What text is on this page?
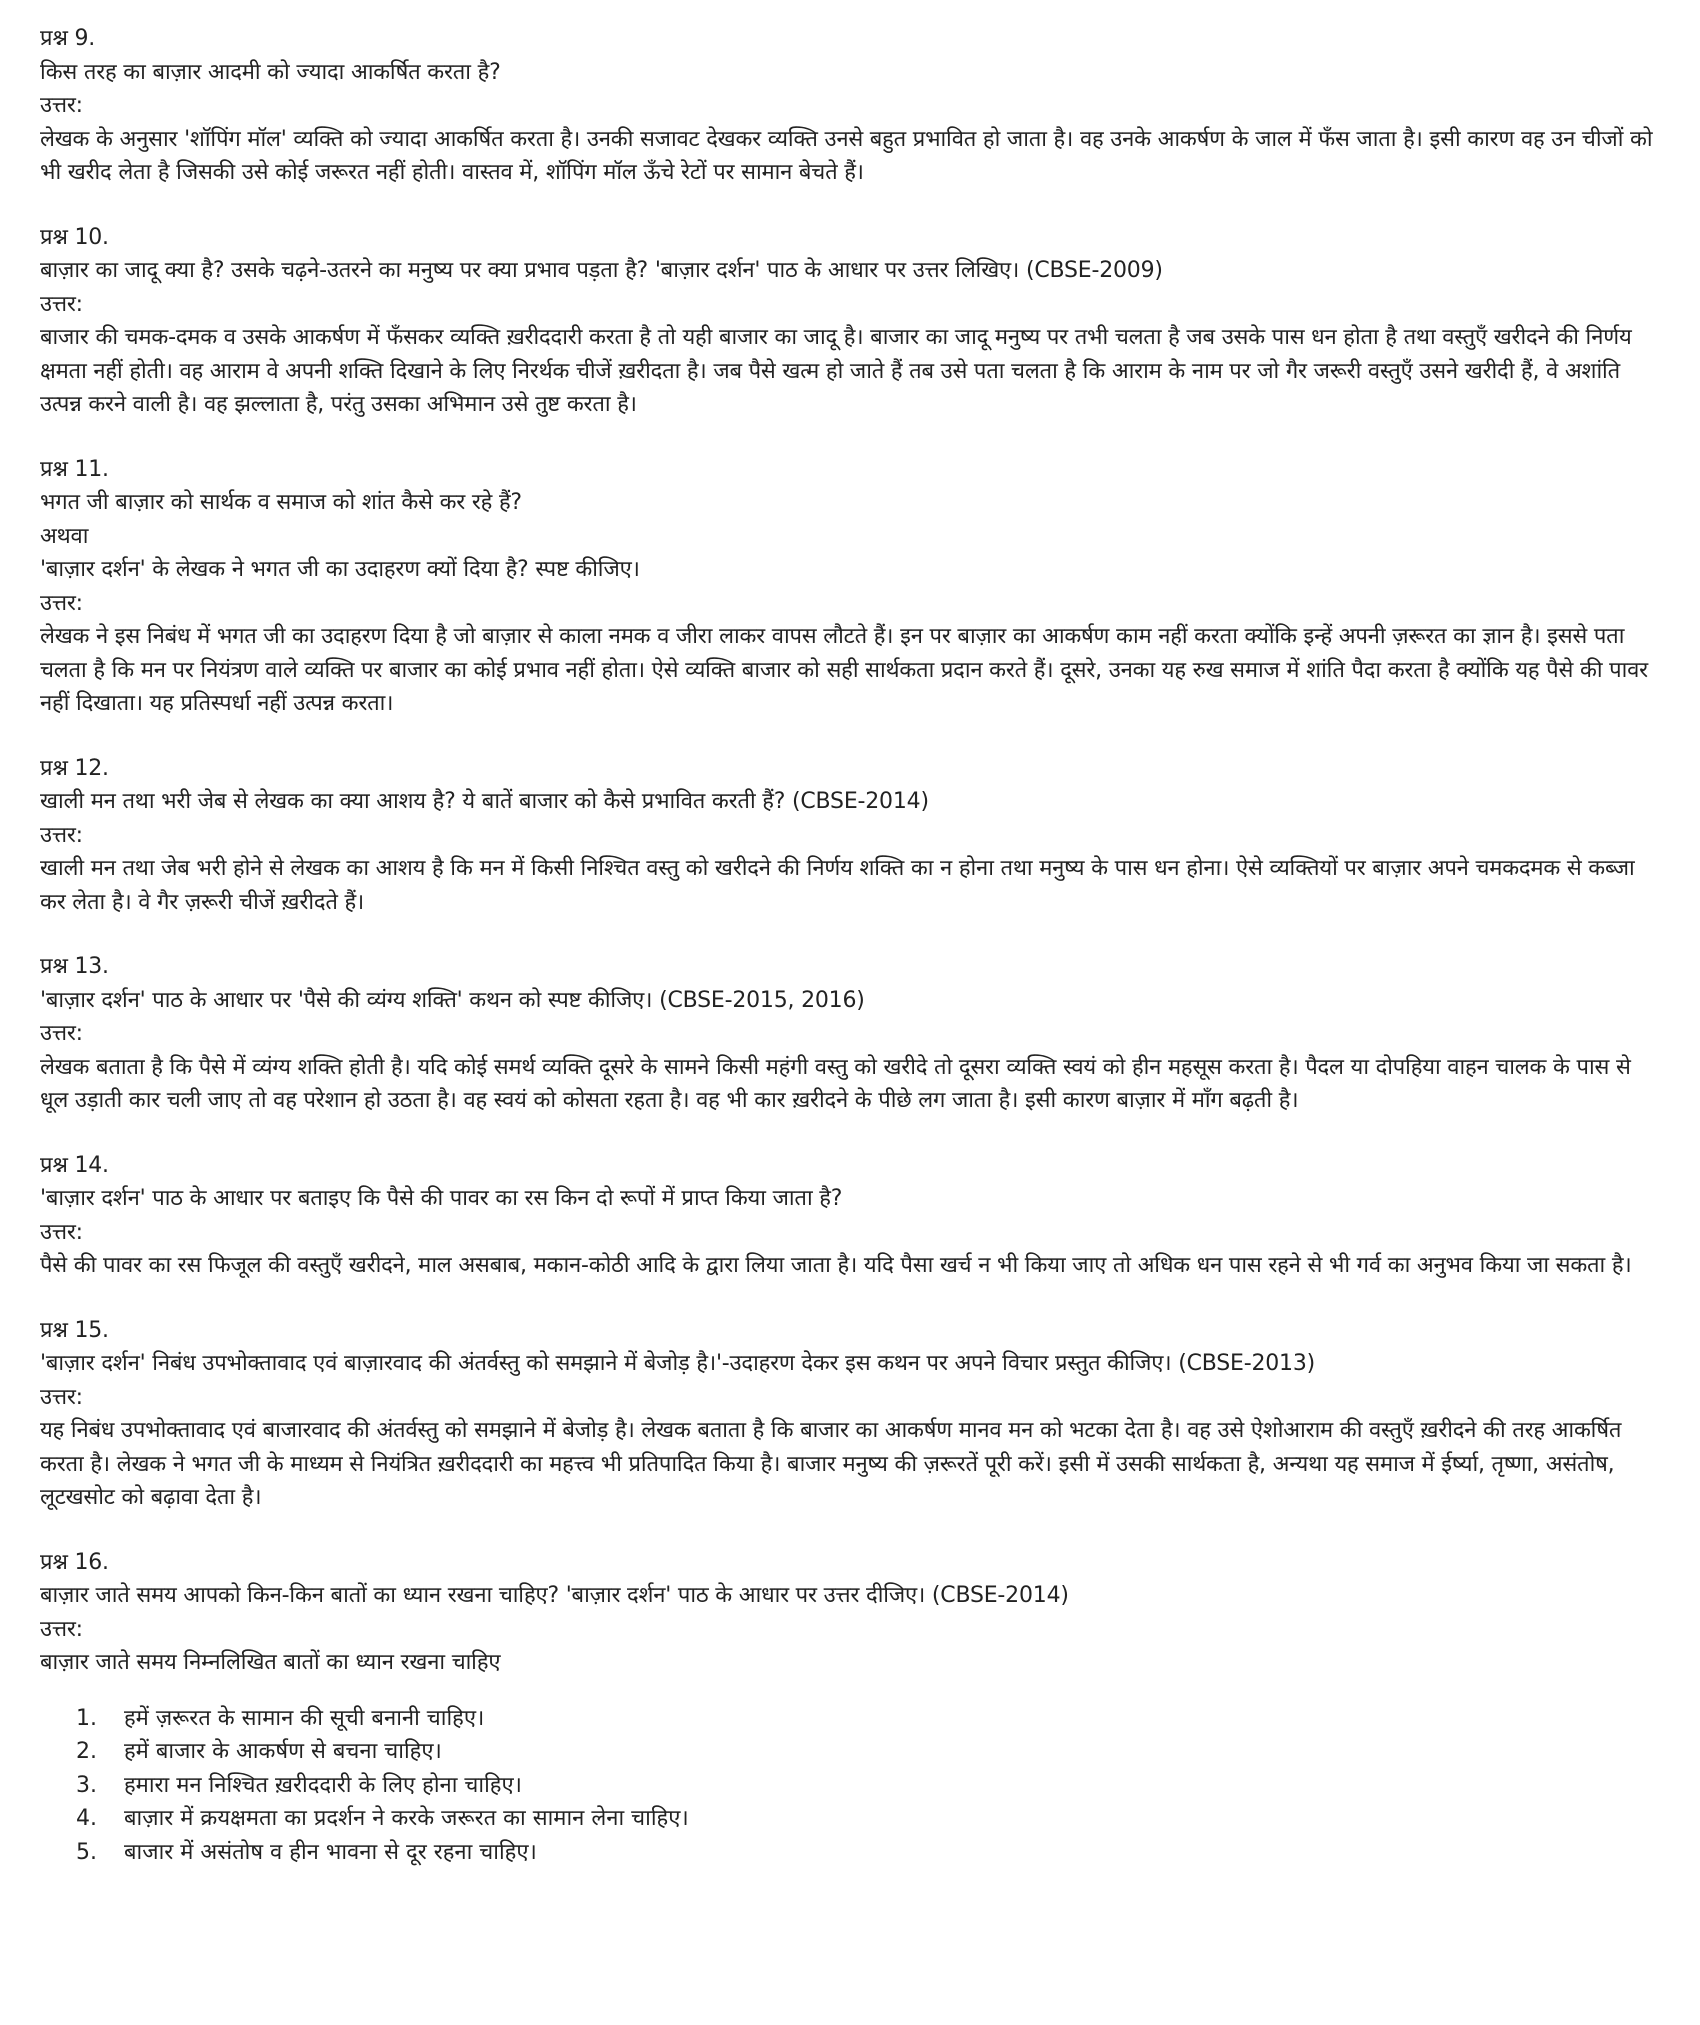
प्रश्न 9.

किस तरह का बाज़ार आदमी को ज्यादा आकर्षित करता है?

उत्तर:

लेखक के अनुसार 'शॉपिंग मॉल' व्यक्ति को ज्यादा आकर्षित करता है। उनकी सजावट देखकर व्यक्ति उनसे बहुत प्रभावित हो जाता है। वह उनके आकर्षण के जाल में फँस जाता है। इसी कारण वह उन चीजों को भी खरीद लेता है जिसकी उसे कोई जरूरत नहीं होती। वास्तव में, शॉपिंग मॉल ऊँचे रेटों पर सामान बेचते हैं।

प्रश्न 10.

बाज़ार का जादू क्या है? उसके चढ़ने-उतरने का मनुष्य पर क्या प्रभाव पड़ता है? 'बाज़ार दर्शन' पाठ के आधार पर उत्तर लिखिए। (CBSE-2009)

उत्तर:

बाजार की चमक-दमक व उसके आकर्षण में फँसकर व्यक्ति ख़रीददारी करता है तो यही बाजार का जादू है। बाजार का जादू मनुष्य पर तभी चलता है जब उसके पास धन होता है तथा वस्तुएँ खरीदने की निर्णय क्षमता नहीं होती। वह आराम वे अपनी शक्ति दिखाने के लिए निरर्थक चीजें ख़रीदता है। जब पैसे खत्म हो जाते हैं तब उसे पता चलता है कि आराम के नाम पर जो गैर जरूरी वस्तुएँ उसने खरीदी हैं, वे अशांति उत्पन्न करने वाली है। वह झल्लाता है, परंतु उसका अभिमान उसे तुष्ट करता है।

प्रश्न 11.

भगत जी बाज़ार को सार्थक व समाज को शांत कैसे कर रहे हैं?

अथवा

'बाज़ार दर्शन' के लेखक ने भगत जी का उदाहरण क्यों दिया है? स्पष्ट कीजिए।

उत्तर:

लेखक ने इस निबंध में भगत जी का उदाहरण दिया है जो बाज़ार से काला नमक व जीरा लाकर वापस लौटते हैं। इन पर बाज़ार का आकर्षण काम नहीं करता क्योंकि इन्हें अपनी ज़रूरत का ज्ञान है। इससे पता चलता है कि मन पर नियंत्रण वाले व्यक्ति पर बाजार का कोई प्रभाव नहीं होता। ऐसे व्यक्ति बाजार को सही सार्थकता प्रदान करते हैं। दूसरे, उनका यह रुख समाज में शांति पैदा करता है क्योंकि यह पैसे की पावर नहीं दिखाता। यह प्रतिस्पर्धा नहीं उत्पन्न करता।

प्रश्न 12.

खाली मन तथा भरी जेब से लेखक का क्या आशय है? ये बातें बाजार को कैसे प्रभावित करती हैं? (CBSE-2014)

उत्तर:

खाली मन तथा जेब भरी होने से लेखक का आशय है कि मन में किसी निश्चित वस्तु को खरीदने की निर्णय शक्ति का न होना तथा मनुष्य के पास धन होना। ऐसे व्यक्तियों पर बाज़ार अपने चमकदमक से कब्जा कर लेता है। वे गैर ज़रूरी चीजें ख़रीदते हैं।

प्रश्न 13.

'बाज़ार दर्शन' पाठ के आधार पर 'पैसे की व्यंग्य शक्ति' कथन को स्पष्ट कीजिए। (CBSE-2015, 2016)

उत्तर:

लेखक बताता है कि पैसे में व्यंग्य शक्ति होती है। यदि कोई समर्थ व्यक्ति दूसरे के सामने किसी महंगी वस्तु को खरीदे तो दूसरा व्यक्ति स्वयं को हीन महसूस करता है। पैदल या दोपहिया वाहन चालक के पास से धूल उड़ाती कार चली जाए तो वह परेशान हो उठता है। वह स्वयं को कोसता रहता है। वह भी कार ख़रीदने के पीछे लग जाता है। इसी कारण बाज़ार में माँग बढ़ती है।

प्रश्न 14.

'बाज़ार दर्शन' पाठ के आधार पर बताइए कि पैसे की पावर का रस किन दो रूपों में प्राप्त किया जाता है?

उत्तर:

पैसे की पावर का रस फिजूल की वस्तुएँ खरीदने, माल असबाब, मकान-कोठी आदि के द्वारा लिया जाता है। यदि पैसा खर्च न भी किया जाए तो अधिक धन पास रहने से भी गर्व का अनुभव किया जा सकता है।

प्रश्न 15.

'बाज़ार दर्शन' निबंध उपभोक्तावाद एवं बाज़ारवाद की अंतर्वस्तु को समझाने में बेजोड़ है।'-उदाहरण देकर इस कथन पर अपने विचार प्रस्तुत कीजिए। (CBSE-2013)

उत्तर:

यह निबंध उपभोक्तावाद एवं बाजारवाद की अंतर्वस्तु को समझाने में बेजोड़ है। लेखक बताता है कि बाजार का आकर्षण मानव मन को भटका देता है। वह उसे ऐशोआराम की वस्तुएँ ख़रीदने की तरह आकर्षित करता है। लेखक ने भगत जी के माध्यम से नियंत्रित ख़रीददारी का महत्त्व भी प्रतिपादित किया है। बाजार मनुष्य की ज़रूरतें पूरी करें। इसी में उसकी सार्थकता है, अन्यथा यह समाज में ईर्ष्या, तृष्णा, असंतोष, लूटखसोट को बढ़ावा देता है।

प्रश्न 16.

बाज़ार जाते समय आपको किन-किन बातों का ध्यान रखना चाहिए? 'बाज़ार दर्शन' पाठ के आधार पर उत्तर दीजिए। (CBSE-2014)

उत्तर:

बाज़ार जाते समय निम्नलिखित बातों का ध्यान रखना चाहिए

1. हमें ज़रूरत के सामान की सूची बनानी चाहिए।
2. हमें बाजार के आकर्षण से बचना चाहिए।
3. हमारा मन निश्चित ख़रीददारी के लिए होना चाहिए।
4. बाज़ार में क्रयक्षमता का प्रदर्शन ने करके जरूरत का सामान लेना चाहिए।
5. बाजार में असंतोष व हीन भावना से दूर रहना चाहिए।
